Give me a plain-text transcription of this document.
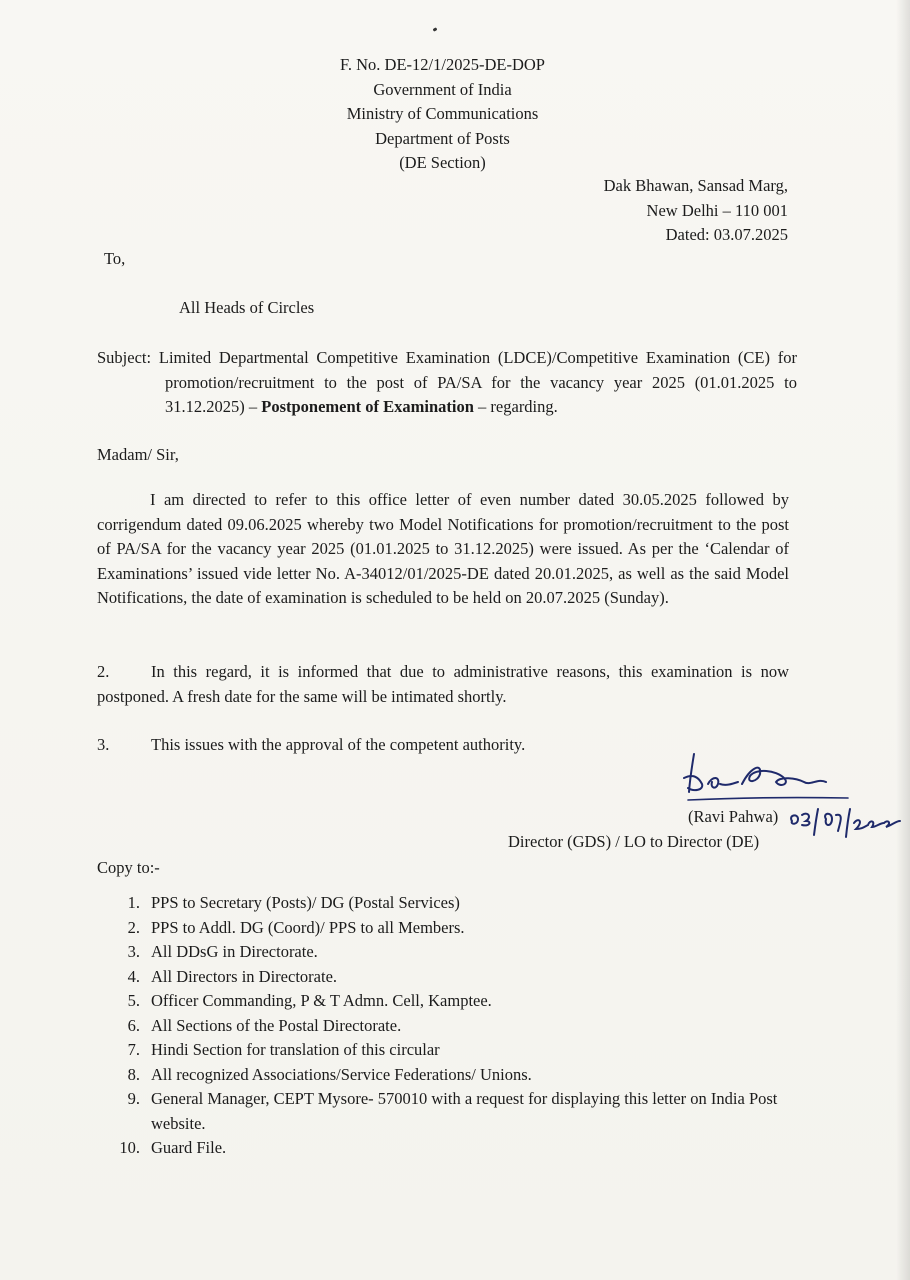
F. No. DE-12/1/2025-DE-DOP
Government of India
Ministry of Communications
Department of Posts
(DE Section)
Dak Bhawan, Sansad Marg,
New Delhi – 110 001
Dated: 03.07.2025
To,
All Heads of Circles
Subject: Limited Departmental Competitive Examination (LDCE)/Competitive Examination (CE) for promotion/recruitment to the post of PA/SA for the vacancy year 2025 (01.01.2025 to 31.12.2025) – Postponement of Examination – regarding.
Madam/ Sir,
I am directed to refer to this office letter of even number dated 30.05.2025 followed by corrigendum dated 09.06.2025 whereby two Model Notifications for promotion/recruitment to the post of PA/SA for the vacancy year 2025 (01.01.2025 to 31.12.2025) were issued. As per the ‘Calendar of Examinations’ issued vide letter No. A-34012/01/2025-DE dated 20.01.2025, as well as the said Model Notifications, the date of examination is scheduled to be held on 20.07.2025 (Sunday).
2.	In this regard, it is informed that due to administrative reasons, this examination is now postponed. A fresh date for the same will be intimated shortly.
3.	This issues with the approval of the competent authority.
(Ravi Pahwa)
Director (GDS) / LO to Director (DE)
Copy to:-
1. PPS to Secretary (Posts)/ DG (Postal Services)
2. PPS to Addl. DG (Coord)/ PPS to all Members.
3. All DDsG in Directorate.
4. All Directors in Directorate.
5. Officer Commanding, P & T Admn. Cell, Kamptee.
6. All Sections of the Postal Directorate.
7. Hindi Section for translation of this circular
8. All recognized Associations/Service Federations/ Unions.
9. General Manager, CEPT Mysore- 570010 with a request for displaying this letter on India Post website.
10. Guard File.
